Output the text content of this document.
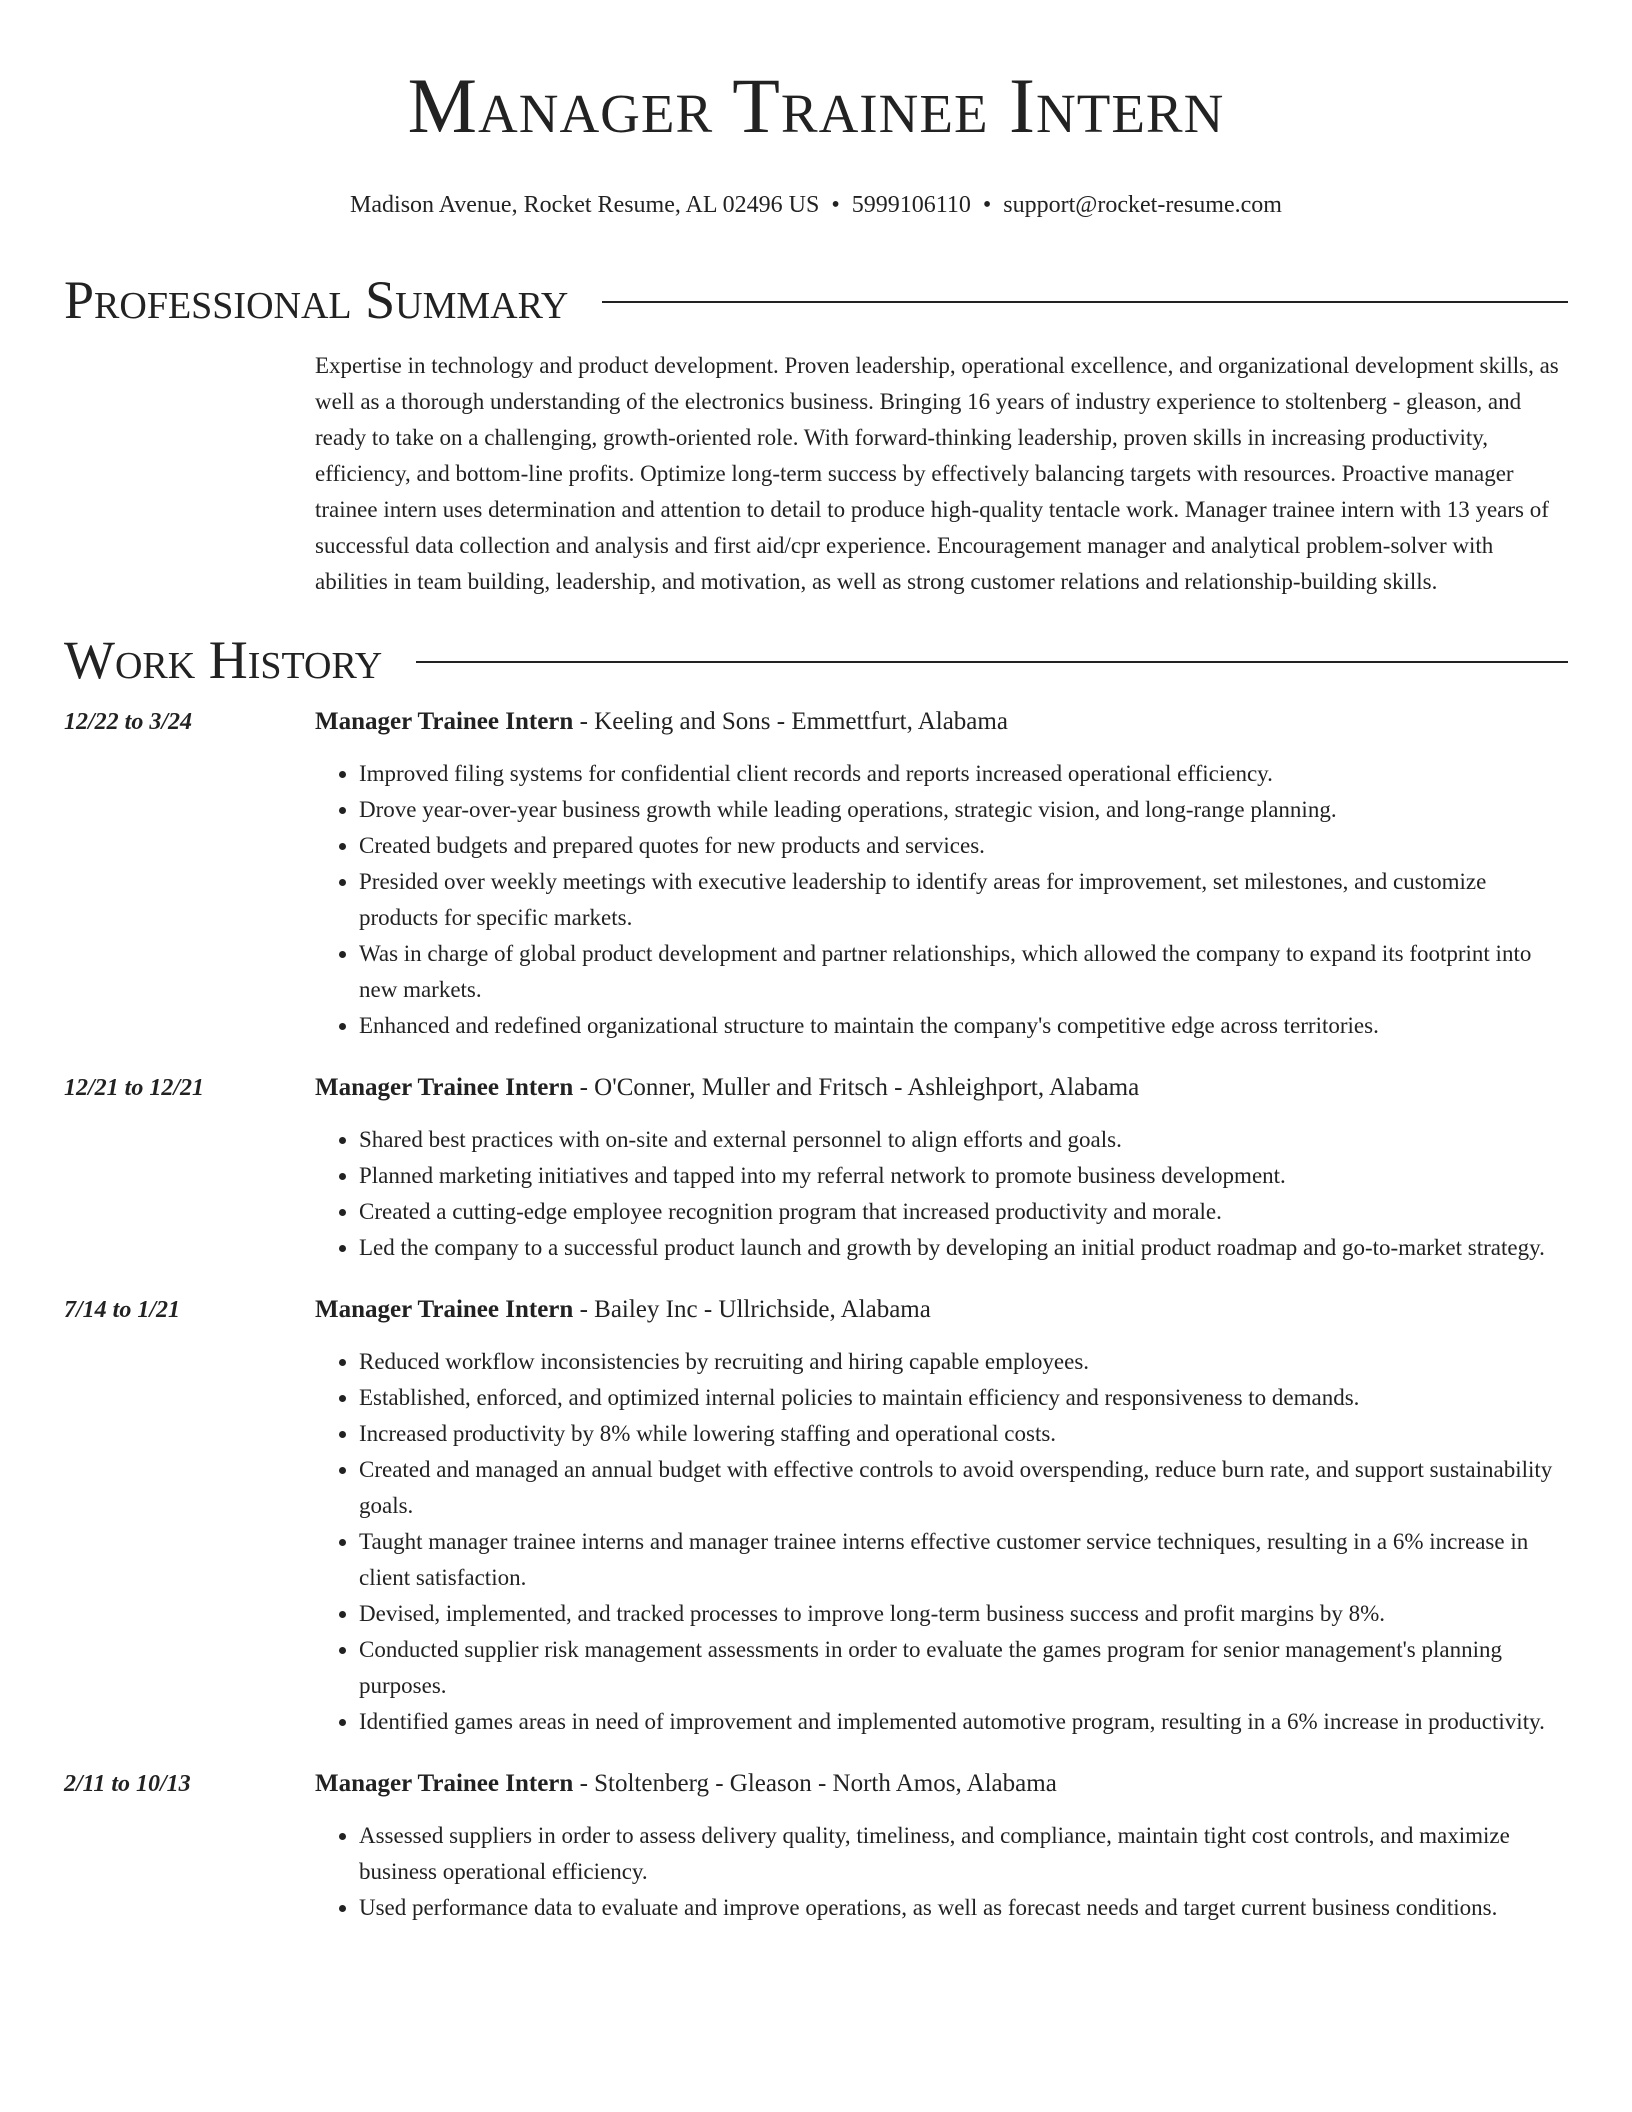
Manager Trainee Intern
Madison Avenue, Rocket Resume, AL 02496 US • 5999106110 • support@rocket-resume.com
Professional Summary
Expertise in technology and product development. Proven leadership, operational excellence, and organizational development skills, as well as a thorough understanding of the electronics business. Bringing 16 years of industry experience to stoltenberg - gleason, and ready to take on a challenging, growth-oriented role. With forward-thinking leadership, proven skills in increasing productivity, efficiency, and bottom-line profits. Optimize long-term success by effectively balancing targets with resources. Proactive manager trainee intern uses determination and attention to detail to produce high-quality tentacle work. Manager trainee intern with 13 years of successful data collection and analysis and first aid/cpr experience. Encouragement manager and analytical problem-solver with abilities in team building, leadership, and motivation, as well as strong customer relations and relationship-building skills.
Work History
12/22 to 3/24	Manager Trainee Intern - Keeling and Sons - Emmettfurt, Alabama
• Improved filing systems for confidential client records and reports increased operational efficiency.
• Drove year-over-year business growth while leading operations, strategic vision, and long-range planning.
• Created budgets and prepared quotes for new products and services.
• Presided over weekly meetings with executive leadership to identify areas for improvement, set milestones, and customize products for specific markets.
• Was in charge of global product development and partner relationships, which allowed the company to expand its footprint into new markets.
• Enhanced and redefined organizational structure to maintain the company's competitive edge across territories.
12/21 to 12/21	Manager Trainee Intern - O'Conner, Muller and Fritsch - Ashleighport, Alabama
• Shared best practices with on-site and external personnel to align efforts and goals.
• Planned marketing initiatives and tapped into my referral network to promote business development.
• Created a cutting-edge employee recognition program that increased productivity and morale.
• Led the company to a successful product launch and growth by developing an initial product roadmap and go-to-market strategy.
7/14 to 1/21	Manager Trainee Intern - Bailey Inc - Ullrichside, Alabama
• Reduced workflow inconsistencies by recruiting and hiring capable employees.
• Established, enforced, and optimized internal policies to maintain efficiency and responsiveness to demands.
• Increased productivity by 8% while lowering staffing and operational costs.
• Created and managed an annual budget with effective controls to avoid overspending, reduce burn rate, and support sustainability goals.
• Taught manager trainee interns and manager trainee interns effective customer service techniques, resulting in a 6% increase in client satisfaction.
• Devised, implemented, and tracked processes to improve long-term business success and profit margins by 8%.
• Conducted supplier risk management assessments in order to evaluate the games program for senior management's planning purposes.
• Identified games areas in need of improvement and implemented automotive program, resulting in a 6% increase in productivity.
2/11 to 10/13	Manager Trainee Intern - Stoltenberg - Gleason - North Amos, Alabama
• Assessed suppliers in order to assess delivery quality, timeliness, and compliance, maintain tight cost controls, and maximize business operational efficiency.
• Used performance data to evaluate and improve operations, as well as forecast needs and target current business conditions.
